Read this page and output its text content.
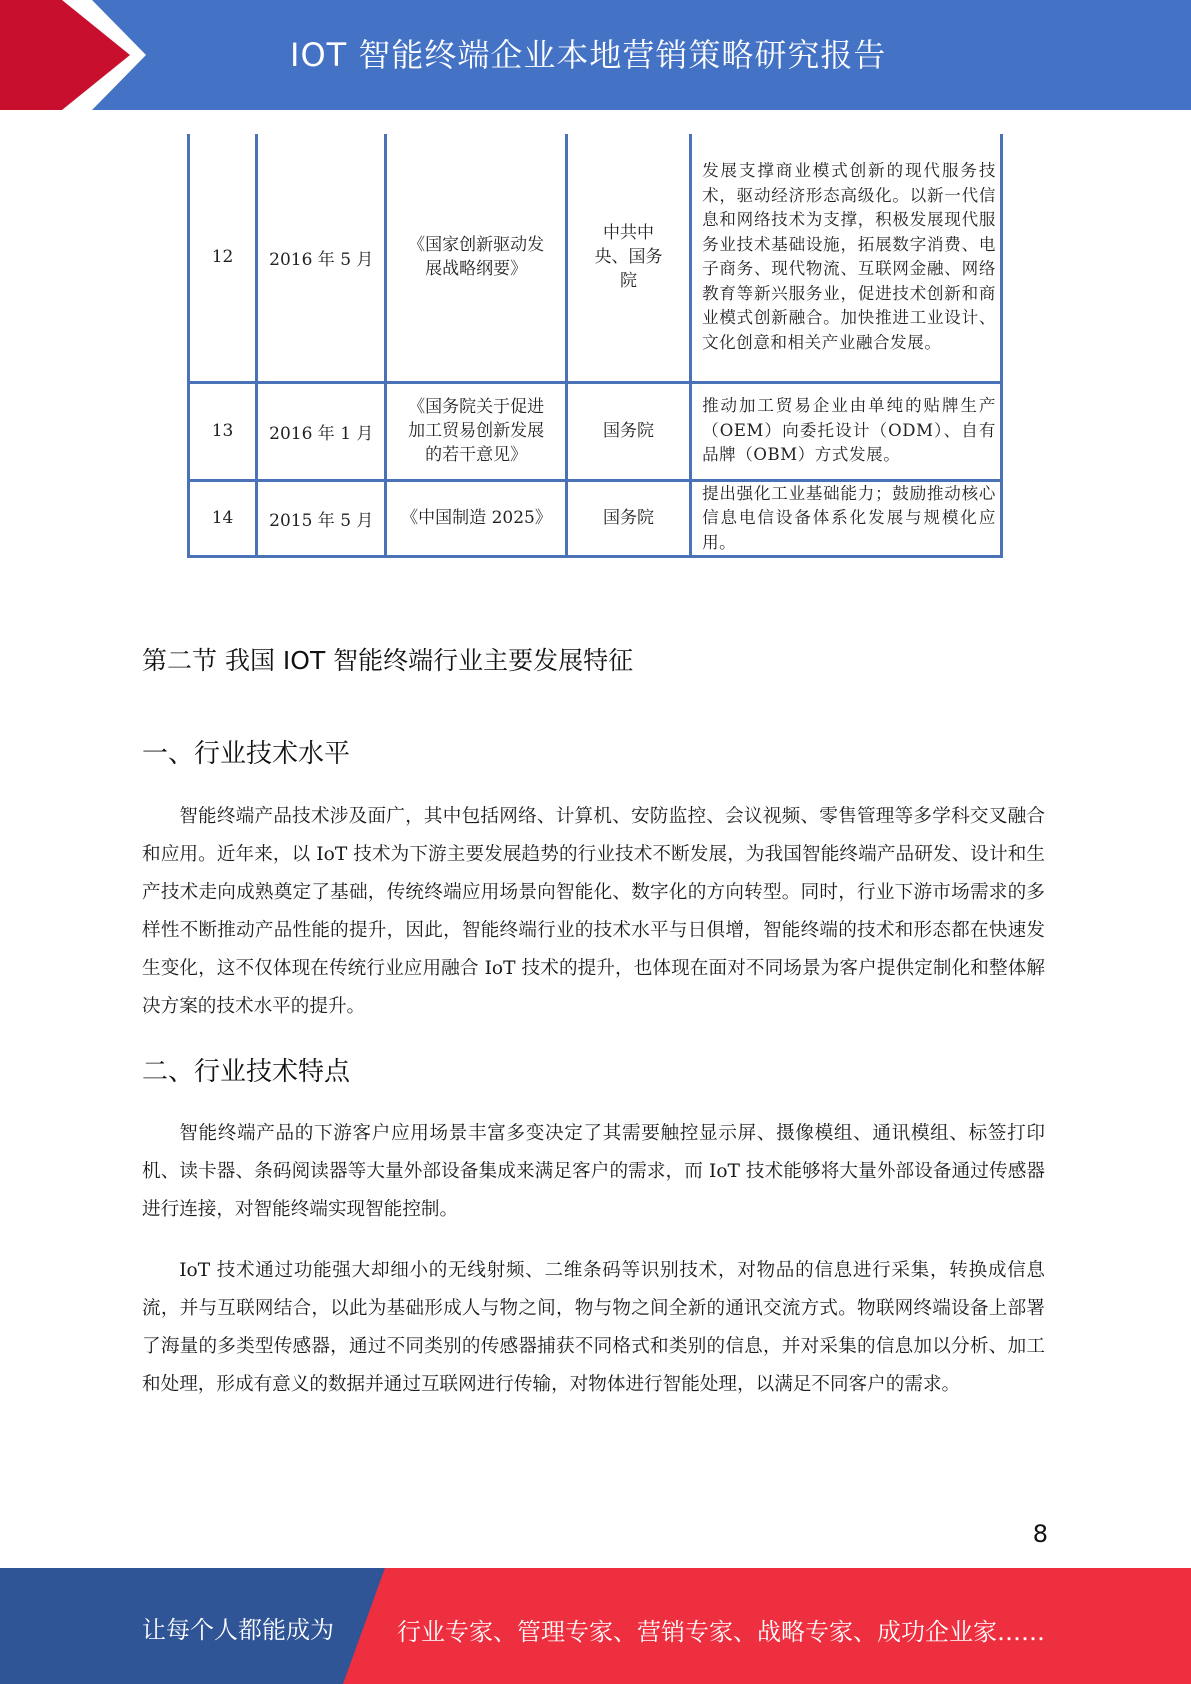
IOT 智能终端企业本地营销策略研究报告
12	2016 年 5 月	《国家创新驱动发展战略纲要》	中共中央、国务院	发展支撑商业模式创新的现代服务技术，驱动经济形态高级化。以新一代信息和网络技术为支撑，积极发展现代服务业技术基础设施，拓展数字消费、电子商务、现代物流、互联网金融、网络教育等新兴服务业，促进技术创新和商业模式创新融合。加快推进工业设计、文化创意和相关产业融合发展。
13	2016 年 1 月	《国务院关于促进加工贸易创新发展的若干意见》	国务院	推动加工贸易企业由单纯的贴牌生产（OEM）向委托设计（ODM）、自有品牌（OBM）方式发展。
14	2015 年 5 月	《中国制造 2025》	国务院	提出强化工业基础能力；鼓励推动核心信息电信设备体系化发展与规模化应用。
第二节 我国 IOT 智能终端行业主要发展特征
一、行业技术水平
智能终端产品技术涉及面广，其中包括网络、计算机、安防监控、会议视频、零售管理等多学科交叉融合和应用。近年来，以 IoT 技术为下游主要发展趋势的行业技术不断发展，为我国智能终端产品研发、设计和生产技术走向成熟奠定了基础，传统终端应用场景向智能化、数字化的方向转型。同时，行业下游市场需求的多样性不断推动产品性能的提升，因此，智能终端行业的技术水平与日俱增，智能终端的技术和形态都在快速发生变化，这不仅体现在传统行业应用融合 IoT 技术的提升，也体现在面对不同场景为客户提供定制化和整体解决方案的技术水平的提升。
二、行业技术特点
智能终端产品的下游客户应用场景丰富多变决定了其需要触控显示屏、摄像模组、通讯模组、标签打印机、读卡器、条码阅读器等大量外部设备集成来满足客户的需求，而 IoT 技术能够将大量外部设备通过传感器进行连接，对智能终端实现智能控制。
IoT 技术通过功能强大却细小的无线射频、二维条码等识别技术，对物品的信息进行采集，转换成信息流，并与互联网结合，以此为基础形成人与物之间，物与物之间全新的通讯交流方式。物联网终端设备上部署了海量的多类型传感器，通过不同类别的传感器捕获不同格式和类别的信息，并对采集的信息加以分析、加工和处理，形成有意义的数据并通过互联网进行传输，对物体进行智能处理，以满足不同客户的需求。
8
让每个人都能成为	行业专家、管理专家、营销专家、战略专家、成功企业家……
